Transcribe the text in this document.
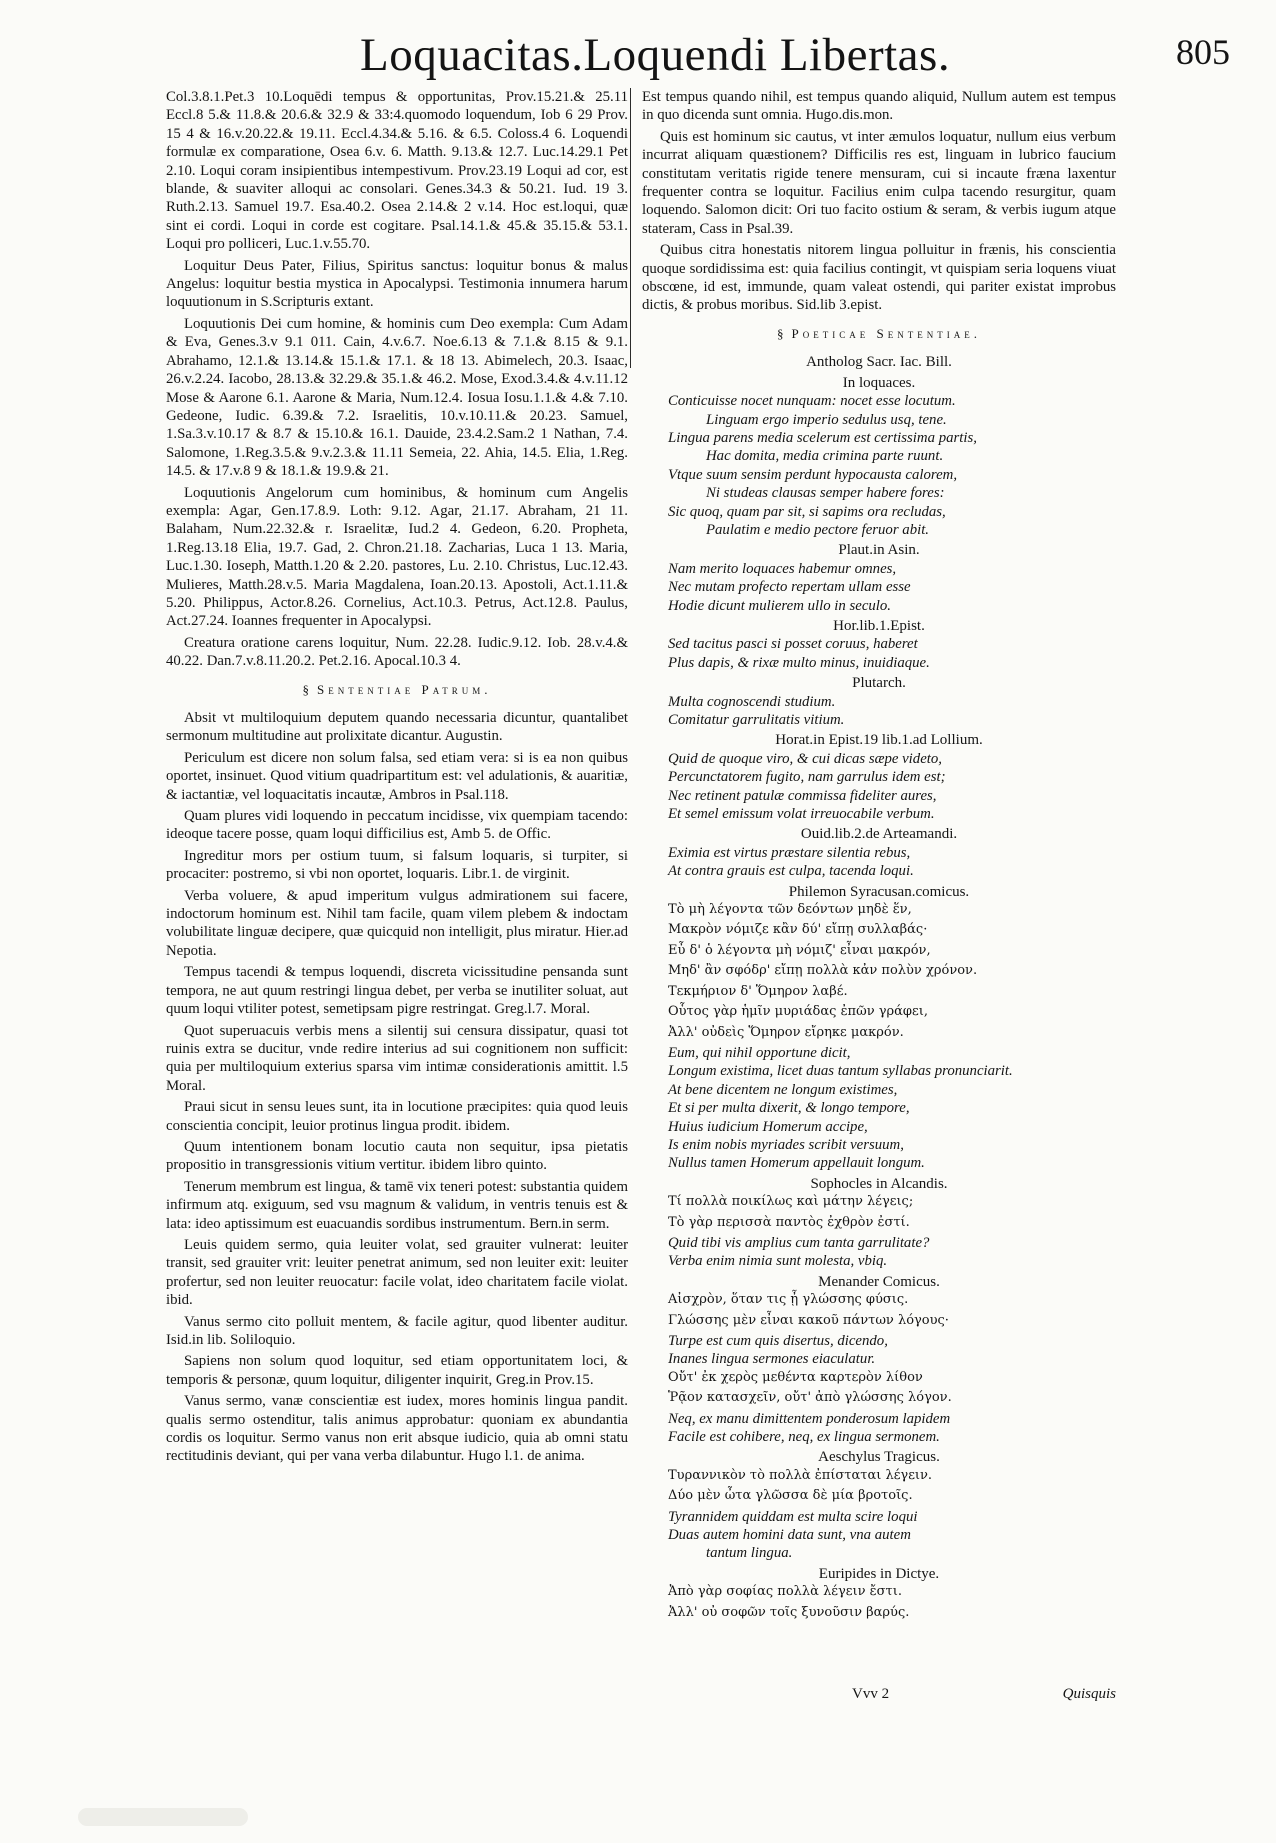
Loquacitas.Loquendi Libertas.	805

Col.3.8.1.Pet.3 10.Loquēdi tempus & opportunitas, Prov.15.21.& 25.11 Eccl.8 5.& 11.8.& 20.6.& 32.9 & 33:4.quomodo loquendum, Iob 6 29 Prov. 15 4 & 16.v.20.22.& 19.11. Eccl.4.34.& 5.16. & 6.5. Coloss.4 6. Loquendi formulæ ex comparatione, Osea 6.v. 6. Matth. 9.13.& 12.7. Luc.14.29.1 Pet 2.10. Loqui coram insipientibus intempestivum. Prov.23.19 Loqui ad cor, est blande, & suaviter alloqui ac consolari. Genes.34.3 & 50.21. Iud. 19 3. Ruth.2.13. Samuel 19.7. Esa.40.2. Osea 2.14.& 2 v.14. Hoc est.loqui, quæ sint ei cordi. Loqui in corde est cogitare. Psal.14.1.& 45.& 35.15.& 53.1. Loqui pro polliceri, Luc.1.v.55.70.

Loquitur Deus Pater, Filius, Spiritus sanctus: loquitur bonus & malus Angelus: loquitur bestia mystica in Apocalypsi. Testimonia innumera harum loquutionum in S.Scripturis extant.

Loquutionis Dei cum homine, & hominis cum Deo exempla: Cum Adam & Eva, Genes.3.v 9.1 011. Cain, 4.v.6.7. Noe.6.13 & 7.1.& 8.15 & 9.1. Abrahamo, 12.1.& 13.14.& 15.1.& 17.1. & 18 13. Abimelech, 20.3. Isaac, 26.v.2.24. Iacobo, 28.13.& 32.29.& 35.1.& 46.2. Mose, Exod.3.4.& 4.v.11.12 Mose & Aarone 6.1. Aarone & Maria, Num.12.4. Iosua Iosu.1.1.& 4.& 7.10. Gedeone, Iudic. 6.39.& 7.2. Israelitis, 10.v.10.11.& 20.23. Samuel, 1.Sa.3.v.10.17 & 8.7 & 15.10.& 16.1. Dauide, 23.4.2.Sam.2 1 Nathan, 7.4. Salomone, 1.Reg.3.5.& 9.v.2.3.& 11.11 Semeia, 22. Ahia, 14.5. Elia, 1.Reg. 14.5. & 17.v.8 9 & 18.1.& 19.9.& 21.

Loquutionis Angelorum cum hominibus, & hominum cum Angelis exempla: Agar, Gen.17.8.9. Loth: 9.12. Agar, 21.17. Abraham, 21 11. Balaham, Num.22.32.& r. Israelitæ, Iud.2 4. Gedeon, 6.20. Propheta, 1.Reg.13.18 Elia, 19.7. Gad, 2. Chron.21.18. Zacharias, Luca 1 13. Maria, Luc.1.30. Ioseph, Matth.1.20 & 2.20. pastores, Lu. 2.10. Christus, Luc.12.43. Mulieres, Matth.28.v.5. Maria Magdalena, Ioan.20.13. Apostoli, Act.1.11.& 5.20. Philippus, Actor.8.26. Cornelius, Act.10.3. Petrus, Act.12.8. Paulus, Act.27.24. Ioannes frequenter in Apocalypsi.

Creatura oratione carens loquitur, Num. 22.28. Iudic.9.12. Iob. 28.v.4.& 40.22. Dan.7.v.8.11.20.2. Pet.2.16. Apocal.10.3 4.

§ Sententiae Patrum.

Absit vt multiloquium deputem quando necessaria dicuntur, quantalibet sermonum multitudine aut prolixitate dicantur. Augustin.

Periculum est dicere non solum falsa, sed etiam vera: si is ea non quibus oportet, insinuet. Quod vitium quadripartitum est: vel adulationis, & auaritiæ, & iactantiæ, vel loquacitatis incautæ, Ambros in Psal.118.

Quam plures vidi loquendo in peccatum incidisse, vix quempiam tacendo: ideoque tacere posse, quam loqui difficilius est, Amb 5. de Offic.

Ingreditur mors per ostium tuum, si falsum loquaris, si turpiter, si procaciter: postremo, si vbi non oportet, loquaris. Libr.1. de virginit.

Verba voluere, & apud imperitum vulgus admirationem sui facere, indoctorum hominum est. Nihil tam facile, quam vilem plebem & indoctam volubilitate linguæ decipere, quæ quicquid non intelligit, plus miratur. Hier.ad Nepotia.

Tempus tacendi & tempus loquendi, discreta vicissitudine pensanda sunt tempora, ne aut quum restringi lingua debet, per verba se inutiliter soluat, aut quum loqui vtiliter potest, semetipsam pigre restringat. Greg.l.7. Moral.

Quot superuacuis verbis mens a silentij sui censura dissipatur, quasi tot ruinis extra se ducitur, vnde redire interius ad sui cognitionem non sufficit: quia per multiloquium exterius sparsa vim intimæ considerationis amittit. l.5 Moral.

Praui sicut in sensu leues sunt, ita in locutione præcipites: quia quod leuis conscientia concipit, leuior protinus lingua prodit. ibidem.

Quum intentionem bonam locutio cauta non sequitur, ipsa pietatis propositio in transgressionis vitium vertitur. ibidem libro quinto.

Tenerum membrum est lingua, & tamē vix teneri potest: substantia quidem infirmum atq. exiguum, sed vsu magnum & validum, in ventris tenuis est & lata: ideo aptissimum est euacuandis sordibus instrumentum. Bern.in serm.

Leuis quidem sermo, quia leuiter volat, sed grauiter vulnerat: leuiter transit, sed grauiter vrit: leuiter penetrat animum, sed non leuiter exit: leuiter profertur, sed non leuiter reuocatur: facile volat, ideo charitatem facile violat. ibid.

Vanus sermo cito polluit mentem, & facile agitur, quod libenter auditur. Isid.in lib. Soliloquio.

Sapiens non solum quod loquitur, sed etiam opportunitatem loci, & temporis & personæ, quum loquitur, diligenter inquirit, Greg.in Prov.15.

Vanus sermo, vanæ conscientiæ est iudex, mores hominis lingua pandit. qualis sermo ostenditur, talis animus approbatur: quoniam ex abundantia cordis os loquitur. Sermo vanus non erit absque iudicio, quia ab omni statu rectitudinis deviant, qui per vana verba dilabuntur. Hugo l.1. de anima.

Est tempus quando nihil, est tempus quando aliquid, Nullum autem est tempus in quo dicenda sunt omnia. Hugo.dis.mon.

Quis est hominum sic cautus, vt inter æmulos loquatur, nullum eius verbum incurrat aliquam quæstionem? Difficilis res est, linguam in lubrico faucium constitutam veritatis rigide tenere mensuram, cui si incaute fræna laxentur frequenter contra se loquitur. Facilius enim culpa tacendo resurgitur, quam loquendo. Salomon dicit: Ori tuo facito ostium & seram, & verbis iugum atque stateram, Cass in Psal.39.

Quibus citra honestatis nitorem lingua polluitur in frænis, his conscientia quoque sordidissima est: quia facilius contingit, vt quispiam seria loquens viuat obscœne, id est, immunde, quam valeat ostendi, qui pariter existat improbus dictis, & probus moribus. Sid.lib 3.epist.

§ Poeticae Sententiae.
Antholog Sacr. Iac. Bill.
In loquaces.
Conticuisse nocet nunquam: nocet esse locutum.
Linguam ergo imperio sedulus usq, tene.
Lingua parens media scelerum est certissima partis,
Hac domita, media crimina parte ruunt.
Vtque suum sensim perdunt hypocausta calorem,
Ni studeas clausas semper habere fores:
Sic quoq, quam par sit, si sapims ora recludas,
Paulatim e medio pectore feruor abit.
Plaut.in Asin.
Nam merito loquaces habemur omnes,
Nec mutam profecto repertam ullam esse
Hodie dicunt mulierem ullo in seculo.
Hor.lib.1.Epist.
Sed tacitus pasci si posset coruus, haberet
Plus dapis, & rixæ multo minus, inuidiaque.
Plutarch.
Multa cognoscendi studium.
Comitatur garrulitatis vitium.
Horat.in Epist.19 lib.1.ad Lollium.
Quid de quoque viro, & cui dicas sæpe videto,
Percunctatorem fugito, nam garrulus idem est;
Nec retinent patulæ commissa fideliter aures,
Et semel emissum volat irreuocabile verbum.
Ouid.lib.2.de Arteamandi.
Eximia est virtus præstare silentia rebus,
At contra grauis est culpa, tacenda loqui.
Philemon Syracusan.comicus.
Τὸ μὴ λέγοντα τῶν δεόντων μηδὲ ἕν,
Μακρὸν νόμιζε κἂν δύ' εἴπῃ συλλαβάς·
Εὖ δ' ὁ λέγοντα μὴ νόμιζ' εἶναι μακρόν,
Μηδ' ἂν σφόδρ' εἴπῃ πολλὰ κἀν πολὺν χρόνον.
Τεκμήριον δ' Ὅμηρον λαβέ.
Οὗτος γὰρ ἡμῖν μυριάδας ἐπῶν γράφει,
Ἀλλ' οὐδεὶς Ὅμηρον εἴρηκε μακρόν.
Eum, qui nihil opportune dicit,
Longum existima, licet duas tantum syllabas pronunciarit.
At bene dicentem ne longum existimes,
Et si per multa dixerit, & longo tempore,
Huius iudicium Homerum accipe,
Is enim nobis myriades scribit versuum,
Nullus tamen Homerum appellauit longum.
Sophocles in Alcandis.
Τί πολλὰ ποικίλως καὶ μάτην λέγεις;
Τὸ γὰρ περισσὰ παντὸς ἐχθρὸν ἐστί.
Quid tibi vis amplius cum tanta garrulitate?
Verba enim nimia sunt molesta, vbiq.
Menander Comicus.
Αἰσχρὸν, ὅταν τις ᾖ γλώσσης φύσις.
Γλώσσης μὲν εἶναι κακοῦ πάντων λόγους·
Turpe est cum quis disertus, dicendo,
Inanes lingua sermones eiaculatur.
Οὔτ' ἐκ χερὸς μεθέντα καρτερὸν λίθον
Ῥᾷον κατασχεῖν, οὔτ' ἀπὸ γλώσσης λόγον.
Neq, ex manu dimittentem ponderosum lapidem
Facile est cohibere, neq, ex lingua sermonem.
Aeschylus Tragicus.
Τυραννικὸν τὸ πολλὰ ἐπίσταται λέγειν.
Δύο μὲν ὦτα γλῶσσα δὲ μία βροτοῖς.
Tyrannidem quiddam est multa scire loqui
Duas autem homini data sunt, vna autem
tantum lingua.
Euripides in Dictye.
Ἀπὸ γὰρ σοφίας πολλὰ λέγειν ἔστι.
Ἀλλ' οὐ σοφῶν τοῖς ξυνοῦσιν βαρύς.
Vvv 2	Quisquis
